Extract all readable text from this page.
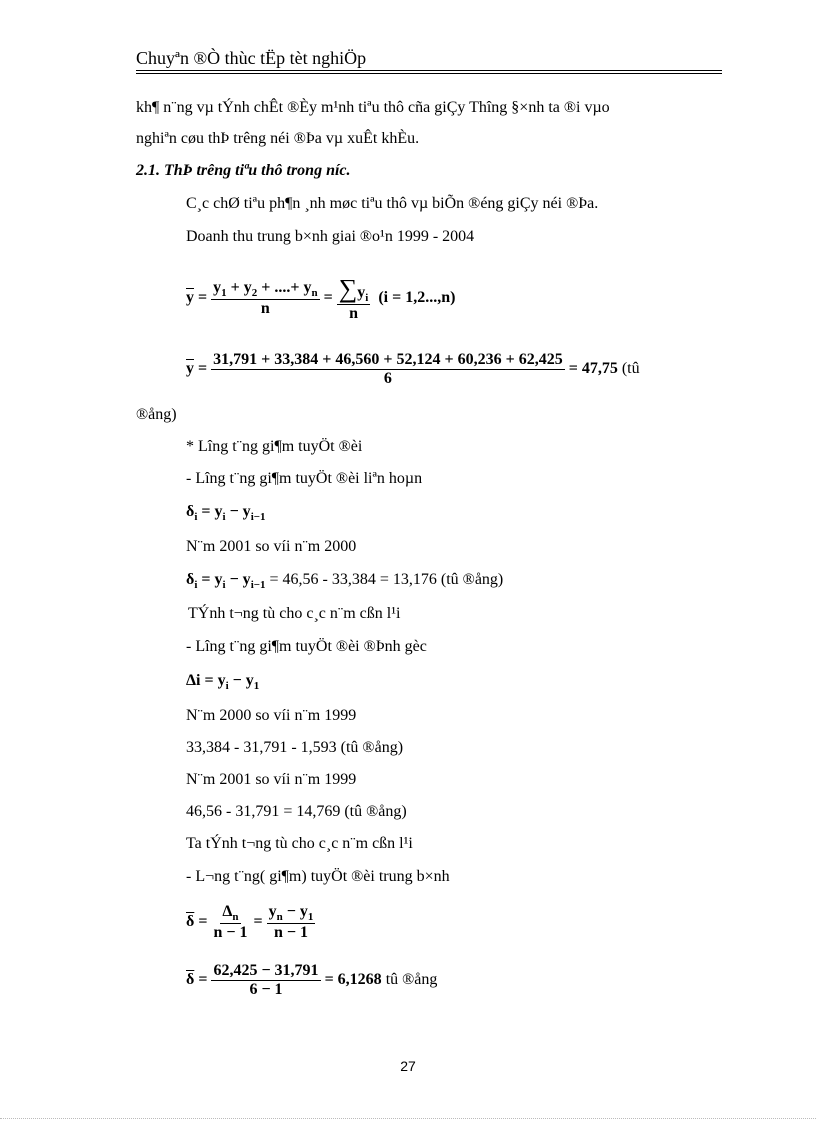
Chuyªn ®Ò thùc tËp tèt nghiÖp
kh¶ n¨ng vµ tÝnh chÊt ®Èy m¹nh tiªu thô cña giÇy Thîng §×nh ta ®i vµo
nghiªn cøu thÞ trêng néi ®Þa vµ xuÊt khÈu.
2.1. ThÞ trêng tiªu thô trong níc.
C¸c chØ tiªu ph¶n ¸nh møc tiªu thô vµ biÕn ®éng giÇy néi ®Þa.
Doanh thu trung b×nh giai ®o¹n 1999 - 2004
$\overline{y}$ =
$y_1 + y_2$ + ....+ $y_n$
n
= $\sum y_i$
n

(i = 1,2...,n)
$\overline{y} = \frac{31,791 + 33,384 + 46,560 + 52,124 + 60,236 + 62,425}{6}$
= 47,75
(tû
®ång)
* Lîng t¨ng gi¶m tuyÖt ®èi
- Lîng t¨ng gi¶m tuyÖt ®èi liªn hoµn
$\delta_i = y_i - y_{i-1}$
N¨m 2001 so víi n¨m 2000
$\delta_i = y_i - y_{i-1} = 46,56 - 33,384 = 13,176$ (tû ®ång)
TÝnh t¬ng tù cho c¸c n¨m cßn l¹i
- Lîng t¨ng gi¶m tuyÖt ®èi ®Þnh gèc
$\Delta i = y_i - y_1$
N¨m 2000 so víi n¨m 1999
33,384 - 31,791 - 1,593 (tû ®ång)
N¨m 2001 so víi n¨m 1999
46,56 - 31,791 = 14,769 (tû ®ång)
Ta tÝnh t¬ng tù cho c¸c n¨m cßn l¹i
- L¬ng t¨ng( gi¶m) tuyÖt ®èi trung b×nh
$\overline{\delta}$ =
$\Delta_n$
n − 1
=
$y_n - y_1$
n − 1
$\overline{\delta} = \frac{62,425 - 31,791}{6 - 1}$
= 6,1268
tû ®ång
27
